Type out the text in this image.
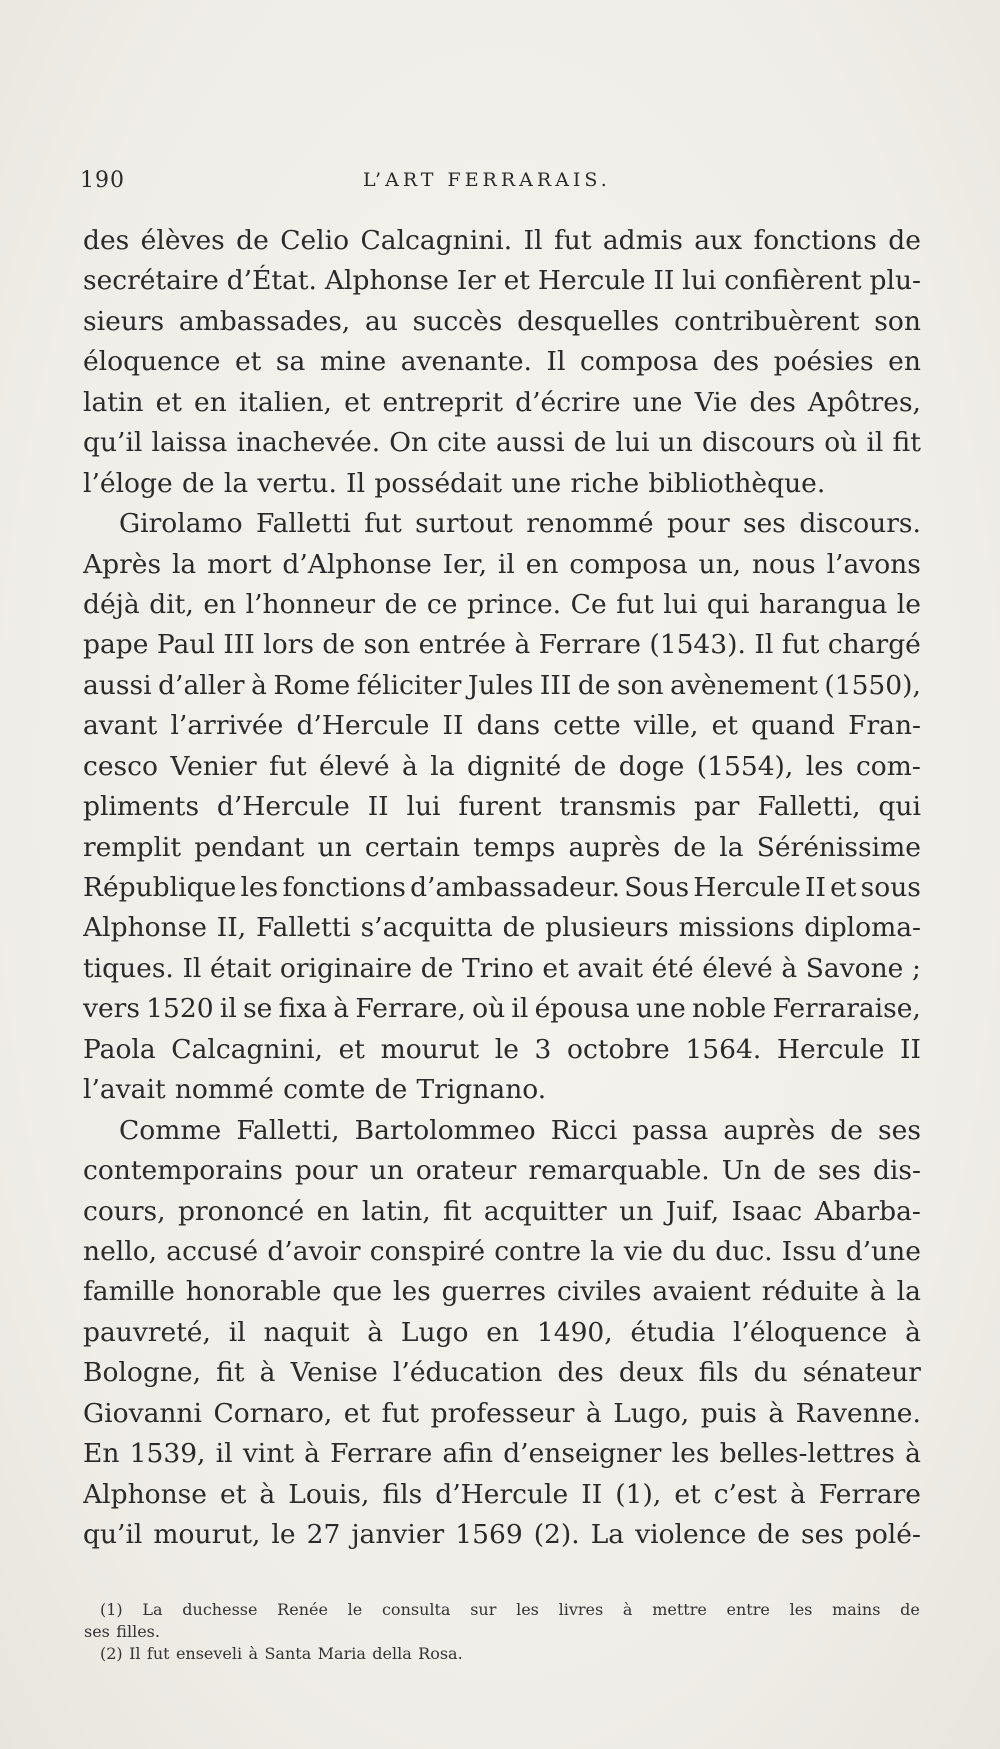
190	L’ART FERRARAIS.
des élèves de Celio Calcagnini. Il fut admis aux fonctions de
secrétaire d’État. Alphonse Ier et Hercule II lui confièrent plu-
sieurs ambassades, au succès desquelles contribuèrent son
éloquence et sa mine avenante. Il composa des poésies en
latin et en italien, et entreprit d’écrire une Vie des Apôtres,
qu’il laissa inachevée. On cite aussi de lui un discours où il fit
l’éloge de la vertu. Il possédait une riche bibliothèque.
Girolamo Falletti fut surtout renommé pour ses discours.
Après la mort d’Alphonse Ier, il en composa un, nous l’avons
déjà dit, en l’honneur de ce prince. Ce fut lui qui harangua le
pape Paul III lors de son entrée à Ferrare (1543). Il fut chargé
aussi d’aller à Rome féliciter Jules III de son avènement (1550),
avant l’arrivée d’Hercule II dans cette ville, et quand Fran-
cesco Venier fut élevé à la dignité de doge (1554), les com-
pliments d’Hercule II lui furent transmis par Falletti, qui
remplit pendant un certain temps auprès de la Sérénissime
République les fonctions d’ambassadeur. Sous Hercule II et sous
Alphonse II, Falletti s’acquitta de plusieurs missions diploma-
tiques. Il était originaire de Trino et avait été élevé à Savone ;
vers 1520 il se fixa à Ferrare, où il épousa une noble Ferraraise,
Paola Calcagnini, et mourut le 3 octobre 1564. Hercule II
l’avait nommé comte de Trignano.
Comme Falletti, Bartolommeo Ricci passa auprès de ses
contemporains pour un orateur remarquable. Un de ses dis-
cours, prononcé en latin, fit acquitter un Juif, Isaac Abarba-
nello, accusé d’avoir conspiré contre la vie du duc. Issu d’une
famille honorable que les guerres civiles avaient réduite à la
pauvreté, il naquit à Lugo en 1490, étudia l’éloquence à
Bologne, fit à Venise l’éducation des deux fils du sénateur
Giovanni Cornaro, et fut professeur à Lugo, puis à Ravenne.
En 1539, il vint à Ferrare afin d’enseigner les belles-lettres à
Alphonse et à Louis, fils d’Hercule II (1), et c’est à Ferrare
qu’il mourut, le 27 janvier 1569 (2). La violence de ses polé-
(1) La duchesse Renée le consulta sur les livres à mettre entre les mains de
ses filles.
(2) Il fut enseveli à Santa Maria della Rosa.
